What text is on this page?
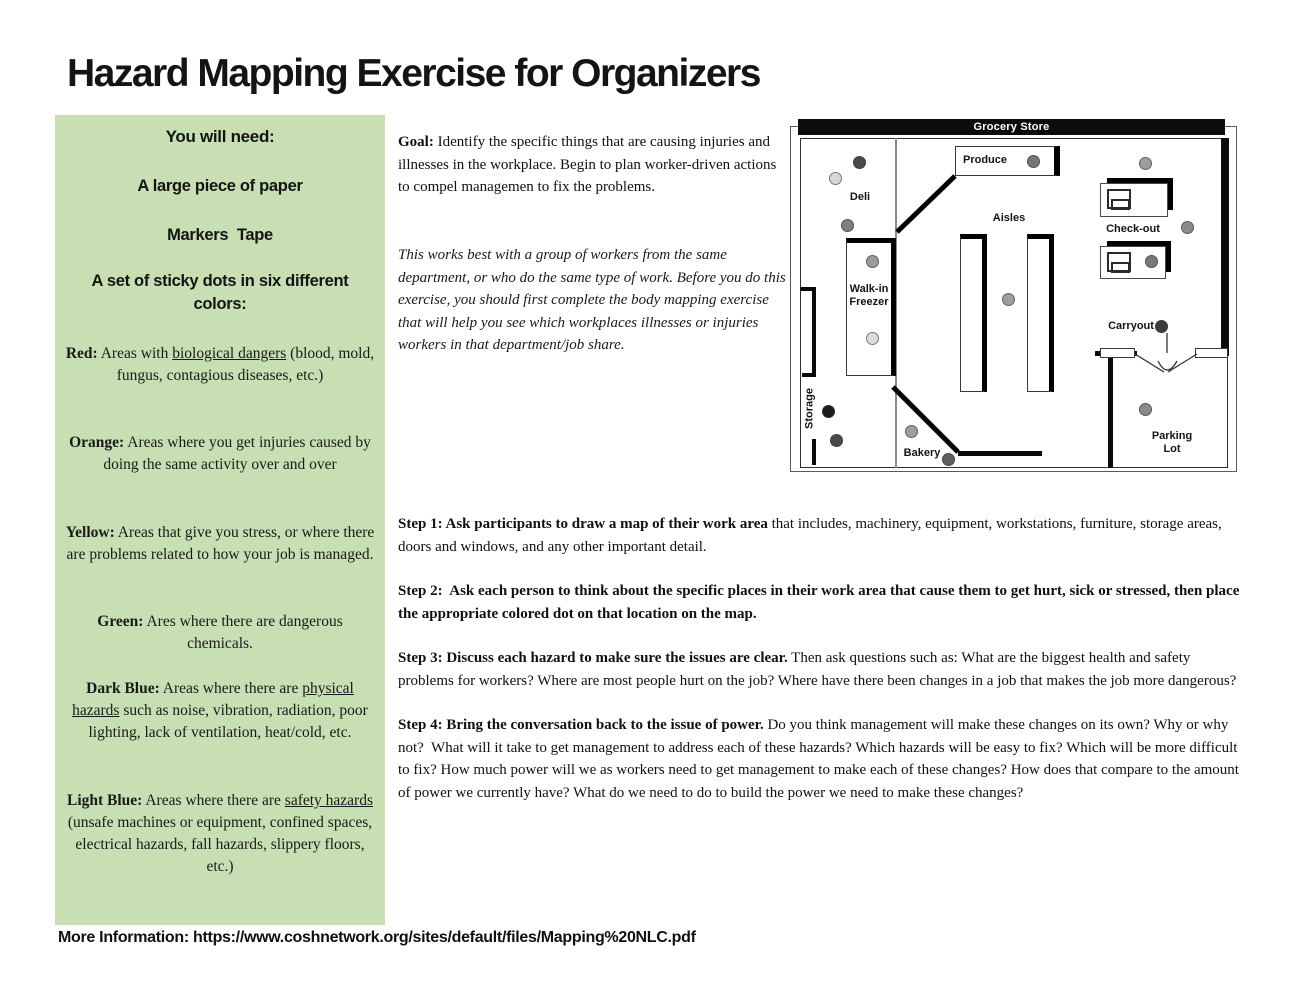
Hazard Mapping Exercise for Organizers
You will need:
A large piece of paper
Markers  Tape
A set of sticky dots in six different colors:
Red: Areas with biological dangers (blood, mold, fungus, contagious diseases, etc.)
Orange: Areas where you get injuries caused by doing the same activity over and over
Yellow: Areas that give you stress, or where there are problems related to how your job is managed.
Green: Ares where there are dangerous chemicals.
Dark Blue: Areas where there are physical hazards such as noise, vibration, radiation, poor lighting, lack of ventilation, heat/cold, etc.
Light Blue: Areas where there are safety hazards (unsafe machines or equipment, confined spaces, electrical hazards, fall hazards, slippery floors, etc.)

Goal: Identify the specific things that are causing injuries and illnesses in the workplace. Begin to plan worker-driven actions to compel managemen to fix the problems.

This works best with a group of workers from the same department, or who do the same type of work. Before you do this exercise, you should first complete the body mapping exercise that will help you see which workplaces illnesses or injuries workers in that department/job share.

Step 1: Ask participants to draw a map of their work area that includes, machinery, equipment, workstations, furniture, storage areas, doors and windows, and any other important detail.

Step 2:  Ask each person to think about the specific places in their work area that cause them to get hurt, sick or stressed, then place the appropriate colored dot on that location on the map.

Step 3: Discuss each hazard to make sure the issues are clear. Then ask questions such as: What are the biggest health and safety problems for workers? Where are most people hurt on the job? Where have there been changes in a job that makes the job more dangerous?

Step 4: Bring the conversation back to the issue of power. Do you think management will make these changes on its own? Why or why not?  What will it take to get management to address each of these hazards? Which hazards will be easy to fix? Which will be more difficult to fix? How much power will we as workers need to get management to make each of these changes? How does that compare to the amount of power we currently have? What do we need to do to build the power we need to make these changes?

Grocery Store
Walk-in Freezer
Deli
Produce
Aisles
Check-out
Carryout
Storage
Bakery
Parking Lot
More Information: https://www.coshnetwork.org/sites/default/files/Mapping%20NLC.pdf
